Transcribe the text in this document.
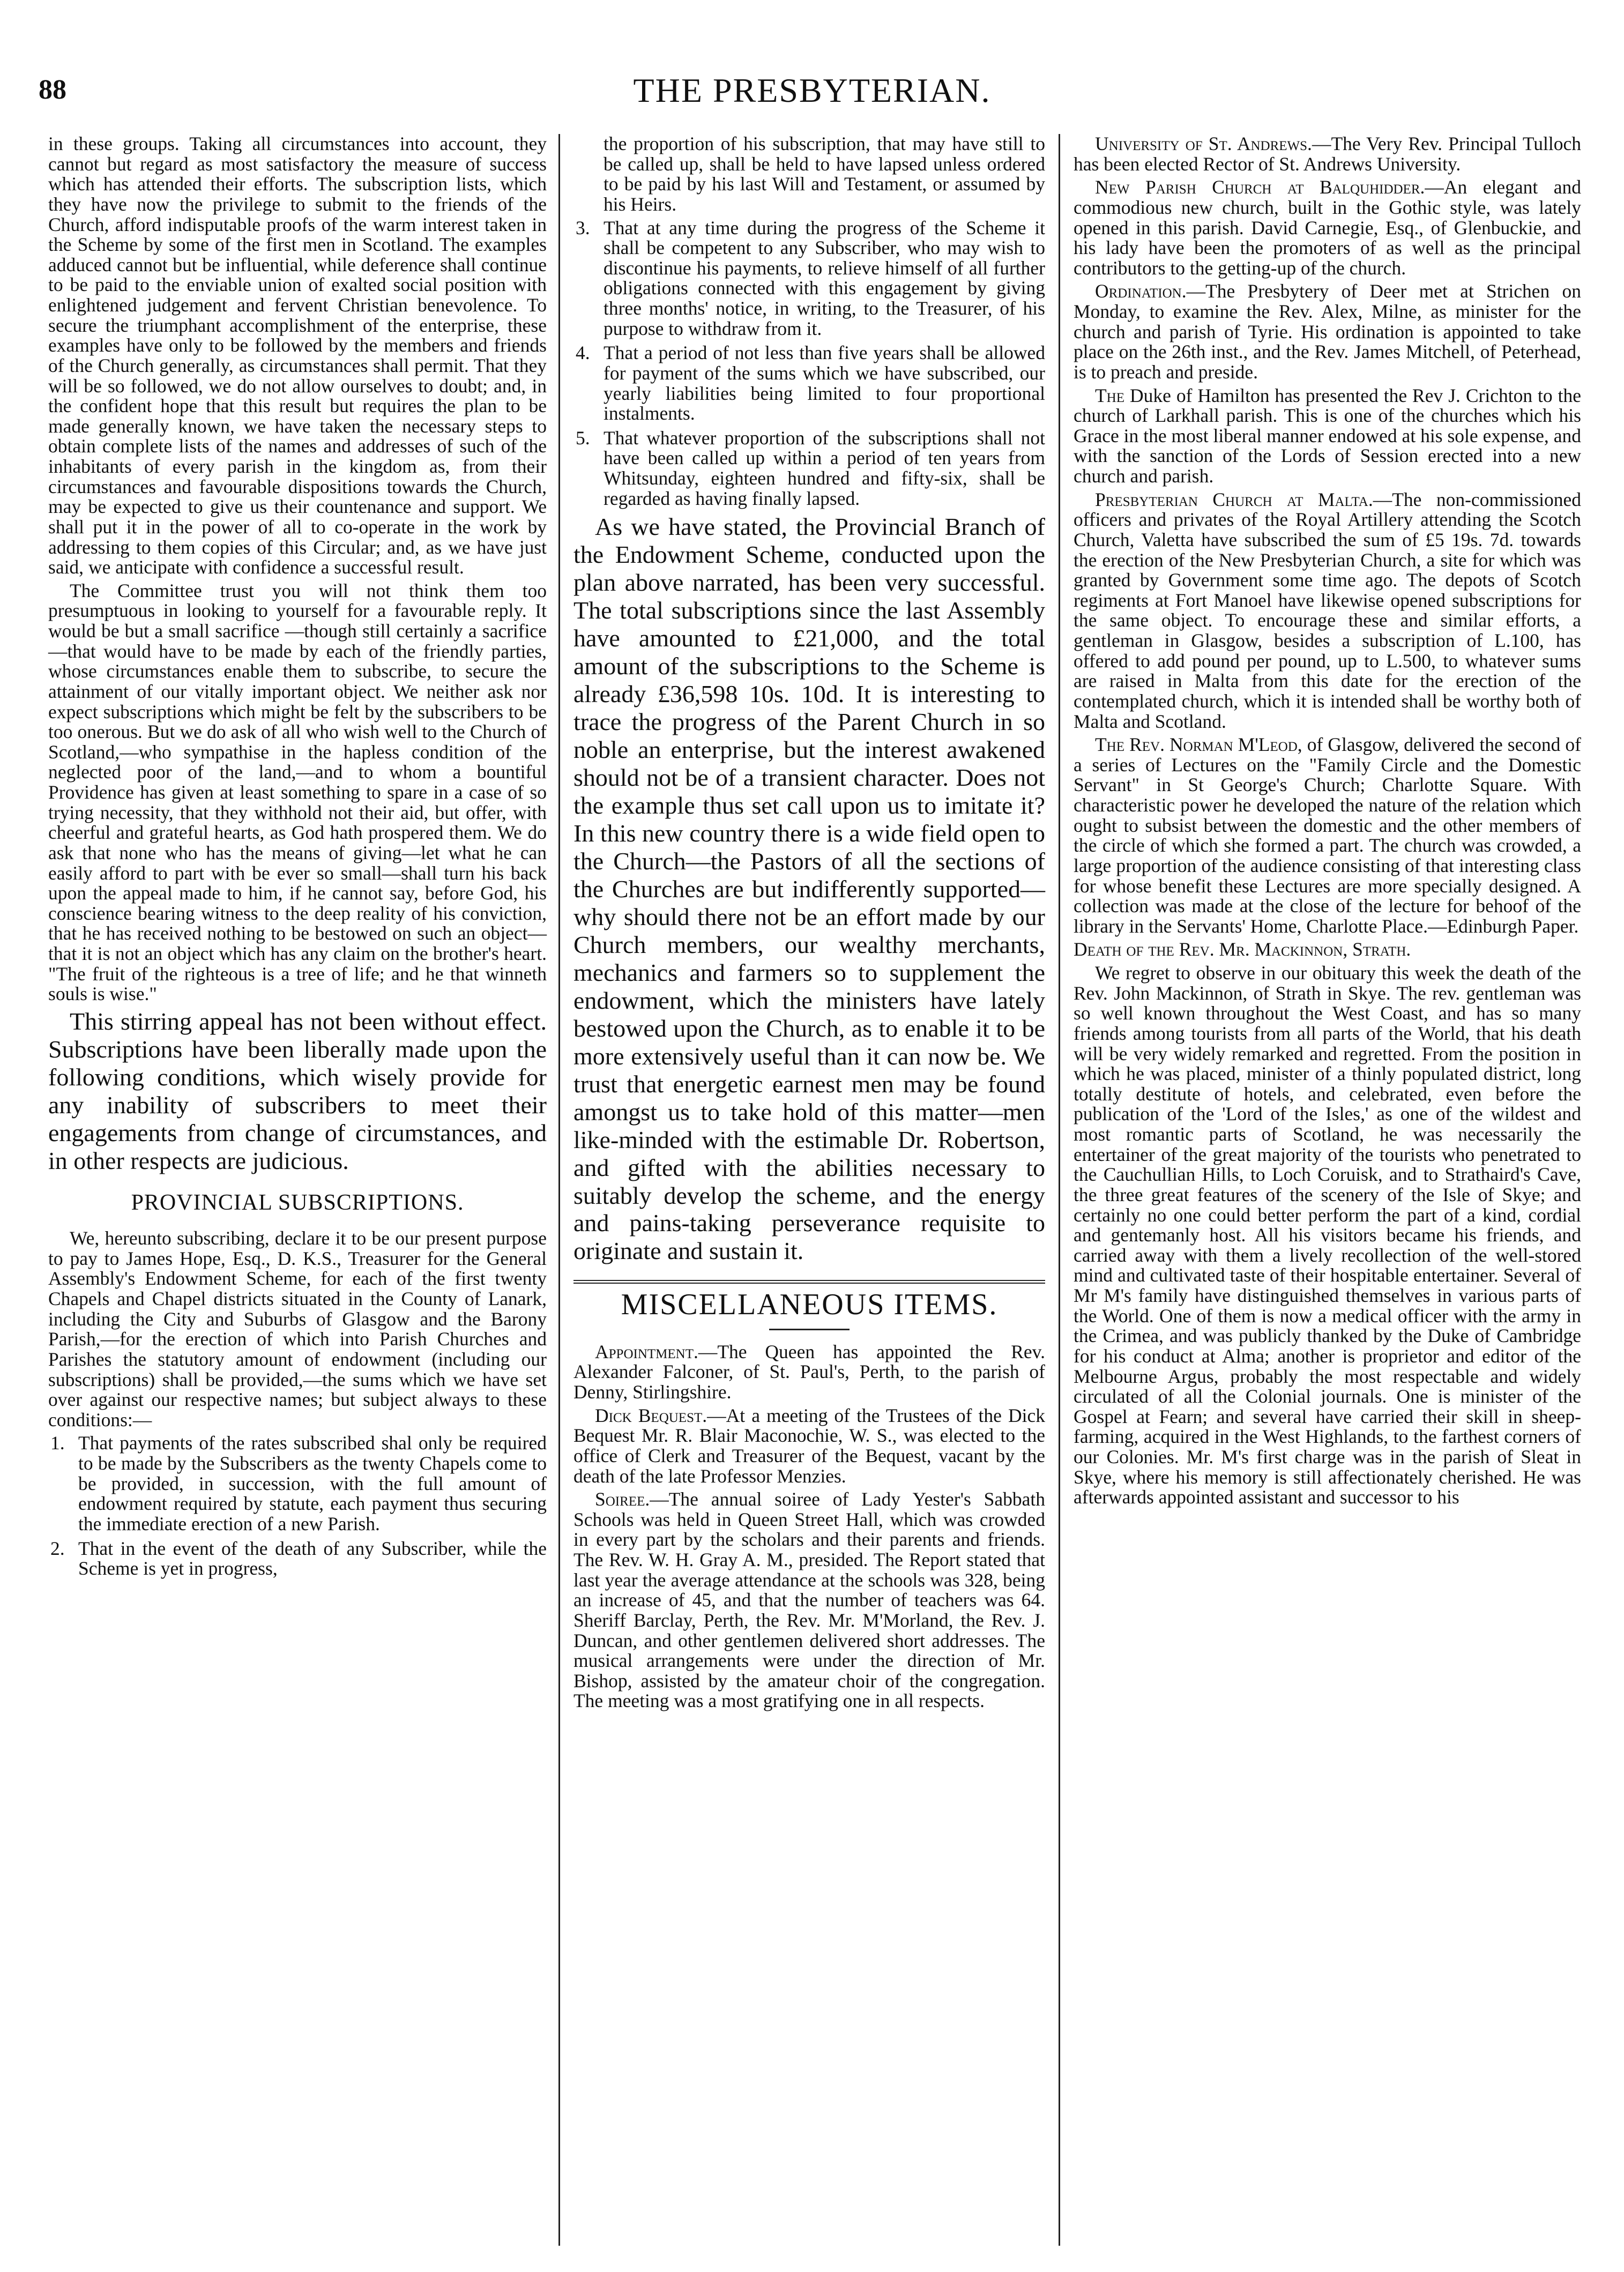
88	THE PRESBYTERIAN.

in these groups. Taking all circumstances into account, they cannot but regard as most satisfactory the measure of success which has attended their efforts. The subscription lists, which they have now the privilege to submit to the friends of the Church, afford indisputable proofs of the warm interest taken in the Scheme by some of the first men in Scotland. The examples adduced cannot but be influential, while deference shall continue to be paid to the enviable union of exalted social position with enlightened judgement and fervent Christian benevolence. To secure the triumphant accomplishment of the enterprise, these examples have only to be followed by the members and friends of the Church generally, as circumstances shall permit. That they will be so followed, we do not allow ourselves to doubt; and, in the confident hope that this result but requires the plan to be made generally known, we have taken the necessary steps to obtain complete lists of the names and addresses of such of the inhabitants of every parish in the kingdom as, from their circumstances and favourable dispositions towards the Church, may be expected to give us their countenance and support. We shall put it in the power of all to co-operate in the work by addressing to them copies of this Circular; and, as we have just said, we anticipate with confidence a successful result.

The Committee trust you will not think them too presumptuous in looking to yourself for a favourable reply. It would be but a small sacrifice —though still certainly a sacrifice—that would have to be made by each of the friendly parties, whose circumstances enable them to subscribe, to secure the attainment of our vitally important object. We neither ask nor expect subscriptions which might be felt by the subscribers to be too onerous. But we do ask of all who wish well to the Church of Scotland,—who sympathise in the hapless condition of the neglected poor of the land,—and to whom a bountiful Providence has given at least something to spare in a case of so trying necessity, that they withhold not their aid, but offer, with cheerful and grateful hearts, as God hath prospered them. We do ask that none who has the means of giving—let what he can easily afford to part with be ever so small—shall turn his back upon the appeal made to him, if he cannot say, before God, his conscience bearing witness to the deep reality of his conviction, that he has received nothing to be bestowed on such an object—that it is not an object which has any claim on the brother's heart. "The fruit of the righteous is a tree of life; and he that winneth souls is wise."

This stirring appeal has not been without effect. Subscriptions have been liberally made upon the following conditions, which wisely provide for any inability of subscribers to meet their engagements from change of circumstances, and in other respects are judicious.

PROVINCIAL SUBSCRIPTIONS.

We, hereunto subscribing, declare it to be our present purpose to pay to James Hope, Esq., D. K.S., Treasurer for the General Assembly's Endowment Scheme, for each of the first twenty Chapels and Chapel districts situated in the County of Lanark, including the City and Suburbs of Glasgow and the Barony Parish,—for the erection of which into Parish Churches and Parishes the statutory amount of endowment (including our subscriptions) shall be provided,—the sums which we have set over against our respective names; but subject always to these conditions:—

1. That payments of the rates subscribed shal only be required to be made by the Subscribers as the twenty Chapels come to be provided, in succession, with the full amount of endowment required by statute, each payment thus securing the immediate erection of a new Parish.
2. That in the event of the death of any Subscriber, while the Scheme is yet in progress,

the proportion of his subscription, that may have still to be called up, shall be held to have lapsed unless ordered to be paid by his last Will and Testament, or assumed by his Heirs.

3. That at any time during the progress of the Scheme it shall be competent to any Subscriber, who may wish to discontinue his payments, to relieve himself of all further obligations connected with this engagement by giving three months' notice, in writing, to the Treasurer, of his purpose to withdraw from it.
4. That a period of not less than five years shall be allowed for payment of the sums which we have subscribed, our yearly liabilities being limited to four proportional instalments.
5. That whatever proportion of the subscriptions shall not have been called up within a period of ten years from Whitsunday, eighteen hundred and fifty-six, shall be regarded as having finally lapsed.

As we have stated, the Provincial Branch of the Endowment Scheme, conducted upon the plan above narrated, has been very successful. The total subscriptions since the last Assembly have amounted to £21,000, and the total amount of the subscriptions to the Scheme is already £36,598 10s. 10d. It is interesting to trace the progress of the Parent Church in so noble an enterprise, but the interest awakened should not be of a transient character. Does not the example thus set call upon us to imitate it? In this new country there is a wide field open to the Church—the Pastors of all the sections of the Churches are but indifferently supported—why should there not be an effort made by our Church members, our wealthy merchants, mechanics and farmers so to supplement the endowment, which the ministers have lately bestowed upon the Church, as to enable it to be more extensively useful than it can now be. We trust that energetic earnest men may be found amongst us to take hold of this matter—men like-minded with the estimable Dr. Robertson, and gifted with the abilities necessary to suitably develop the scheme, and the energy and pains-taking perseverance requisite to originate and sustain it.

MISCELLANEOUS ITEMS.

Appointment.—The Queen has appointed the Rev. Alexander Falconer, of St. Paul's, Perth, to the parish of Denny, Stirlingshire.

Dick Bequest.—At a meeting of the Trustees of the Dick Bequest Mr. R. Blair Maconochie, W. S., was elected to the office of Clerk and Treasurer of the Bequest, vacant by the death of the late Professor Menzies.

Soiree.—The annual soiree of Lady Yester's Sabbath Schools was held in Queen Street Hall, which was crowded in every part by the scholars and their parents and friends. The Rev. W. H. Gray A. M., presided. The Report stated that last year the average attendance at the schools was 328, being an increase of 45, and that the number of teachers was 64. Sheriff Barclay, Perth, the Rev. Mr. M'Morland, the Rev. J. Duncan, and other gentlemen delivered short addresses. The musical arrangements were under the direction of Mr. Bishop, assisted by the amateur choir of the congregation. The meeting was a most gratifying one in all respects.

University of St. Andrews.—The Very Rev. Principal Tulloch has been elected Rector of St. Andrews University.

New Parish Church at Balquhidder.—An elegant and commodious new church, built in the Gothic style, was lately opened in this parish. David Carnegie, Esq., of Glenbuckie, and his lady have been the promoters of as well as the principal contributors to the getting-up of the church.

Ordination.—The Presbytery of Deer met at Strichen on Monday, to examine the Rev. Alex, Milne, as minister for the church and parish of Tyrie. His ordination is appointed to take place on the 26th inst., and the Rev. James Mitchell, of Peterhead, is to preach and preside.

The Duke of Hamilton has presented the Rev J. Crichton to the church of Larkhall parish. This is one of the churches which his Grace in the most liberal manner endowed at his sole expense, and with the sanction of the Lords of Session erected into a new church and parish.

Presbyterian Church at Malta.—The non-commissioned officers and privates of the Royal Artillery attending the Scotch Church, Valetta have subscribed the sum of £5 19s. 7d. towards the erection of the New Presbyterian Church, a site for which was granted by Government some time ago. The depots of Scotch regiments at Fort Manoel have likewise opened subscriptions for the same object. To encourage these and similar efforts, a gentleman in Glasgow, besides a subscription of L.100, has offered to add pound per pound, up to L.500, to whatever sums are raised in Malta from this date for the erection of the contemplated church, which it is intended shall be worthy both of Malta and Scotland.

The Rev. Norman M'Leod, of Glasgow, delivered the second of a series of Lectures on the "Family Circle and the Domestic Servant" in St George's Church; Charlotte Square. With characteristic power he developed the nature of the relation which ought to subsist between the domestic and the other members of the circle of which she formed a part. The church was crowded, a large proportion of the audience consisting of that interesting class for whose benefit these Lectures are more specially designed. A collection was made at the close of the lecture for behoof of the library in the Servants' Home, Charlotte Place.—Edinburgh Paper.

Death of the Rev. Mr. Mackinnon, Strath.

We regret to observe in our obituary this week the death of the Rev. John Mackinnon, of Strath in Skye. The rev. gentleman was so well known throughout the West Coast, and has so many friends among tourists from all parts of the World, that his death will be very widely remarked and regretted. From the position in which he was placed, minister of a thinly populated district, long totally destitute of hotels, and celebrated, even before the publication of the 'Lord of the Isles,' as one of the wildest and most romantic parts of Scotland, he was necessarily the entertainer of the great majority of the tourists who penetrated to the Cauchullian Hills, to Loch Coruisk, and to Strathaird's Cave, the three great features of the scenery of the Isle of Skye; and certainly no one could better perform the part of a kind, cordial and gentemanly host. All his visitors became his friends, and carried away with them a lively recollection of the well-stored mind and cultivated taste of their hospitable entertainer. Several of Mr M's family have distinguished themselves in various parts of the World. One of them is now a medical officer with the army in the Crimea, and was publicly thanked by the Duke of Cambridge for his conduct at Alma; another is proprietor and editor of the Melbourne Argus, probably the most respectable and widely circulated of all the Colonial journals. One is minister of the Gospel at Fearn; and several have carried their skill in sheep-farming, acquired in the West Highlands, to the farthest corners of our Colonies. Mr. M's first charge was in the parish of Sleat in Skye, where his memory is still affectionately cherished. He was afterwards appointed assistant and successor to his
